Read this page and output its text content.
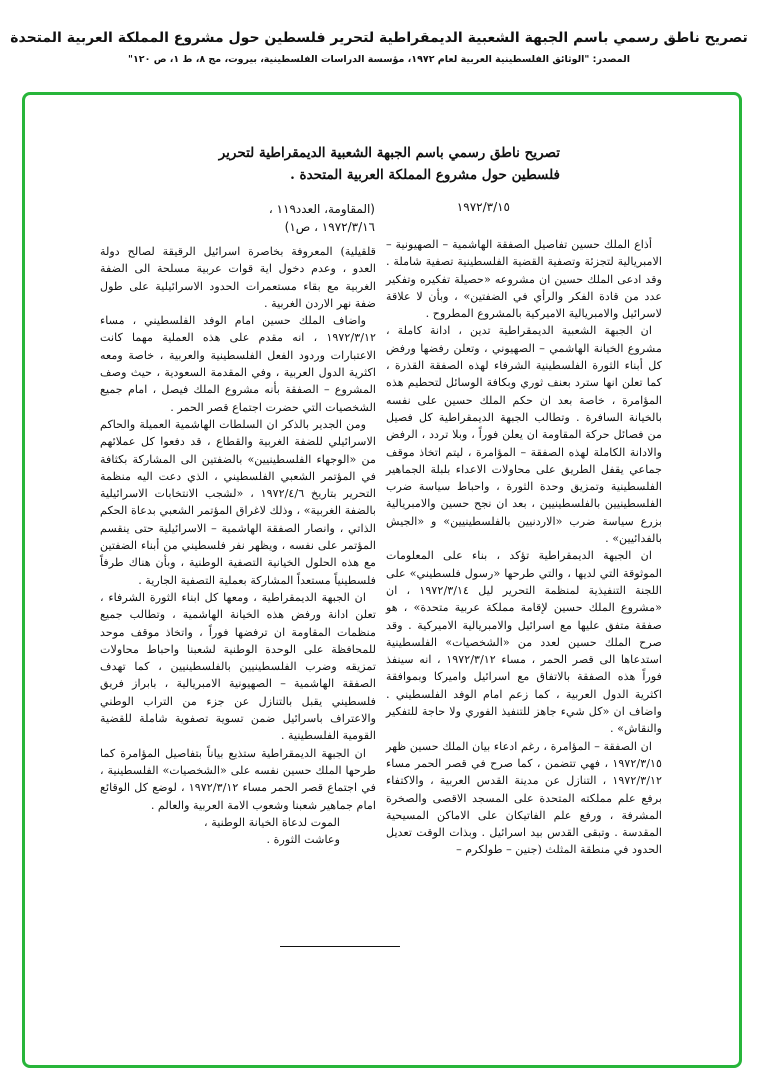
تصريح ناطق رسمي باسم الجبهة الشعبية الديمقراطية لتحرير فلسطين حول مشروع المملكة العربية المتحدة
المصدر: "الوثائق الفلسطينية العربية لعام ١٩٧٢، مؤسسة الدراسات الفلسطينية، بيروت، مج ٨، ط ١، ص ١٢٠"
تصريح ناطق رسمي باسم الجبهة الشعبية الديمقراطية لتحرير فلسطين حول مشروع المملكة العربية المتحدة .
١٩٧٢/٣/١٥
(المقاومة، العدد١١٩ ،
١٩٧٢/٣/١٦ ، ص١)

أذاع الملك حسين تفاصيل الصفقة الهاشمية – الصهيونية – الامبريالية لتجزئة وتصفية القضية الفلسطينية تصفية شاملة . وقد ادعى الملك حسين ان مشروعه «حصيلة تفكيره وتفكير عدد من قادة الفكر والرأي في الضفتين» ، وبأن لا علاقة لاسرائيل والامبريالية الاميركية بالمشروع المطروح .

ان الجبهة الشعبية الديمقراطية تدين ، ادانة كاملة ، مشروع الخيانة الهاشمي – الصهيوني ، وتعلن رفضها ورفض كل أبناء الثورة الفلسطينية الشرفاء لهذه الصفقة القذرة ، كما تعلن انها سترد بعنف ثوري وبكافة الوسائل لتحطيم هذه المؤامرة ، خاصة بعد ان حكم الملك حسين على نفسه بالخيانة السافرة . وتطالب الجبهة الديمقراطية كل فصيل من فصائل حركة المقاومة ان يعلن فوراً ، وبلا تردد ، الرفض والادانة الكاملة لهذه الصفقة – المؤامرة ، ليتم اتخاذ موقف جماعي يقفل الطريق على محاولات الاعداء بلبلة الجماهير الفلسطينية وتمزيق وحدة الثورة ، واحباط سياسة ضرب الفلسطينيين بالفلسطينيين ، بعد ان نجح حسين والامبريالية بزرع سياسة ضرب «الاردنيين بالفلسطينيين» و «الجيش بالفدائيين» .

ان الجبهة الديمقراطية تؤكد ، بناء على المعلومات الموثوقة التي لديها ، والتي طرحها «رسول فلسطيني» على اللجنة التنفيذية لمنظمة التحرير ليل ١٩٧٢/٣/١٤ ، ان «مشروع الملك حسين لإقامة مملكة عربية متحدة» ، هو صفقة متفق عليها مع اسرائيل والامبريالية الاميركية . وقد صرح الملك حسين لعدد من «الشخصيات» الفلسطينية استدعاها الى قصر الحمر ، مساء ١٩٧٢/٣/١٢ ، انه سينفذ فوراً هذه الصفقة بالاتفاق مع اسرائيل واميركا وبموافقة اكثرية الدول العربية ، كما زعم امام الوفد الفلسطيني . واضاف ان «كل شيء جاهز للتنفيذ الفوري ولا حاجة للتفكير والنقاش» .

ان الصفقة – المؤامرة ، رغم ادعاء بيان الملك حسين ظهر ١٩٧٢/٣/١٥ ، فهي تتضمن ، كما صرح في قصر الحمر مساء ١٩٧٢/٣/١٢ ، التنازل عن مدينة القدس العربية ، والاكتفاء برفع علم مملكته المتحدة على المسجد الاقصى والصخرة المشرفة ، ورفع علم الفاتيكان على الاماكن المسيحية المقدسة . وتبقى القدس بيد اسرائيل . وبذات الوقت تعديل الحدود في منطقة المثلث (جنين – طولكرم –

قلقيلية) المعروفة بخاصرة اسرائيل الرقيقة لصالح دولة العدو ، وعدم دخول اية قوات عربية مسلحة الى الضفة الغربية مع بقاء مستعمرات الحدود الاسرائيلية على طول ضفة نهر الاردن الغربية .

واضاف الملك حسين امام الوفد الفلسطيني ، مساء ١٩٧٢/٣/١٢ ، انه مقدم على هذه العملية مهما كانت الاعتبارات وردود الفعل الفلسطينية والعربية ، خاصة ومعه اكثرية الدول العربية ، وفي المقدمة السعودية ، حيث وصف المشروع – الصفقة بأنه مشروع الملك فيصل ، امام جميع الشخصيات التي حضرت اجتماع قصر الحمر .

ومن الجدير بالذكر ان السلطات الهاشمية العميلة والحاكم الاسرائيلي للضفة الغربية والقطاع ، قد دفعوا كل عملائهم من «الوجهاء الفلسطينيين» بالضفتين الى المشاركة بكثافة في المؤتمر الشعبي الفلسطيني ، الذي دعت اليه منظمة التحرير بتاريخ ١٩٧٢/٤/٦ ، «لشجب الانتخابات الاسرائيلية بالضفة الغربية» ، وذلك لاغراق المؤتمر الشعبي بدعاة الحكم الذاتي ، وانصار الصفقة الهاشمية – الاسرائيلية حتى ينقسم المؤتمر على نفسه ، ويظهر نفر فلسطيني من أبناء الضفتين مع هذه الحلول الخيانية التصفية الوطنية ، وبأن هناك طرفاً فلسطينياً مستعداً المشاركة بعملية التصفية الجارية .

ان الجبهة الديمقراطية ، ومعها كل ابناء الثورة الشرفاء ، تعلن ادانة ورفض هذه الخيانة الهاشمية ، وتطالب جميع منظمات المقاومة ان ترفضها فوراً ، واتخاذ موقف موحد للمحافظة على الوحدة الوطنية لشعبنا واحباط محاولات تمزيقه وضرب الفلسطينيين بالفلسطينيين ، كما تهدف الصفقة الهاشمية – الصهيونية الامبريالية ، بابراز فريق فلسطيني يقبل بالتنازل عن جزء من التراب الوطني والاعتراف باسرائيل ضمن تسوية تصفوية شاملة للقضية القومية الفلسطينية .

ان الجبهة الديمقراطية ستذيع بياناً بتفاصيل المؤامرة كما طرحها الملك حسين نفسه على «الشخصيات» الفلسطينية ، في اجتماع قصر الحمر مساء ١٩٧٢/٣/١٢ ، لوضع كل الوقائع امام جماهير شعبنا وشعوب الامة العربية والعالم .

الموت لدعاة الخيانة الوطنية ،

وعاشت الثورة .
